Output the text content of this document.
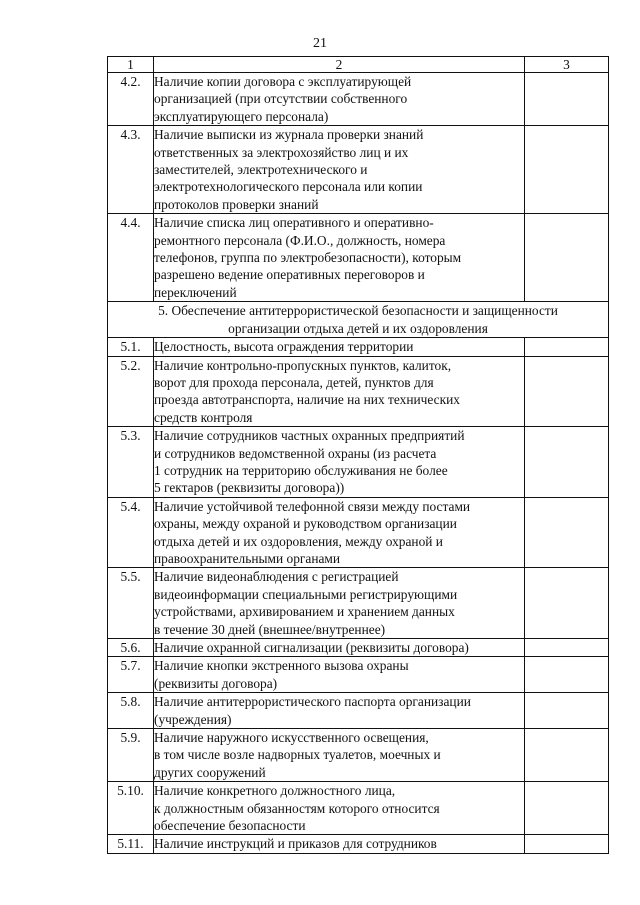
21
1	2	3
4.2.	Наличие копии договора с эксплуатирующей
организацией (при отсутствии собственного
эксплуатирующего персонала)	

4.3.	Наличие выписки из журнала проверки знаний
ответственных за электрохозяйство лиц и их
заместителей, электротехнического и
электротехнологического персонала или копии
протоколов проверки знаний	

4.4.	Наличие списка лиц оперативного и оперативно-
ремонтного персонала (Ф.И.О., должность, номера
телефонов, группа по электробезопасности), которым
разрешено ведение оперативных переговоров и
переключений	

5. Обеспечение антитеррористической безопасности и защищенности
организации отдыха детей и их оздоровления		

5.1.	Целостность, высота ограждения территории	

5.2.	Наличие контрольно-пропускных пунктов, калиток,
ворот для прохода персонала, детей, пунктов для
проезда автотранспорта, наличие на них технических
средств контроля	

5.3.	Наличие сотрудников частных охранных предприятий
и сотрудников ведомственной охраны (из расчета
1 сотрудник на территорию обслуживания не более
5 гектаров (реквизиты договора))	

5.4.	Наличие устойчивой телефонной связи между постами
охраны, между охраной и руководством организации
отдыха детей и их оздоровления, между охраной и
правоохранительными органами	

5.5.	Наличие видеонаблюдения с регистрацией
видеоинформации специальными регистрирующими
устройствами, архивированием и хранением данных
в течение 30 дней (внешнее/внутреннее)	

5.6.	Наличие охранной сигнализации (реквизиты договора)	

5.7.	Наличие кнопки экстренного вызова охраны
(реквизиты договора)	

5.8.	Наличие антитеррористического паспорта организации
(учреждения)	

5.9.	Наличие наружного искусственного освещения,
в том числе возле надворных туалетов, моечных и
других сооружений	

5.10.	Наличие конкретного должностного лица,
к должностным обязанностям которого относится
обеспечение безопасности	

5.11.	Наличие инструкций и приказов для сотрудников	
